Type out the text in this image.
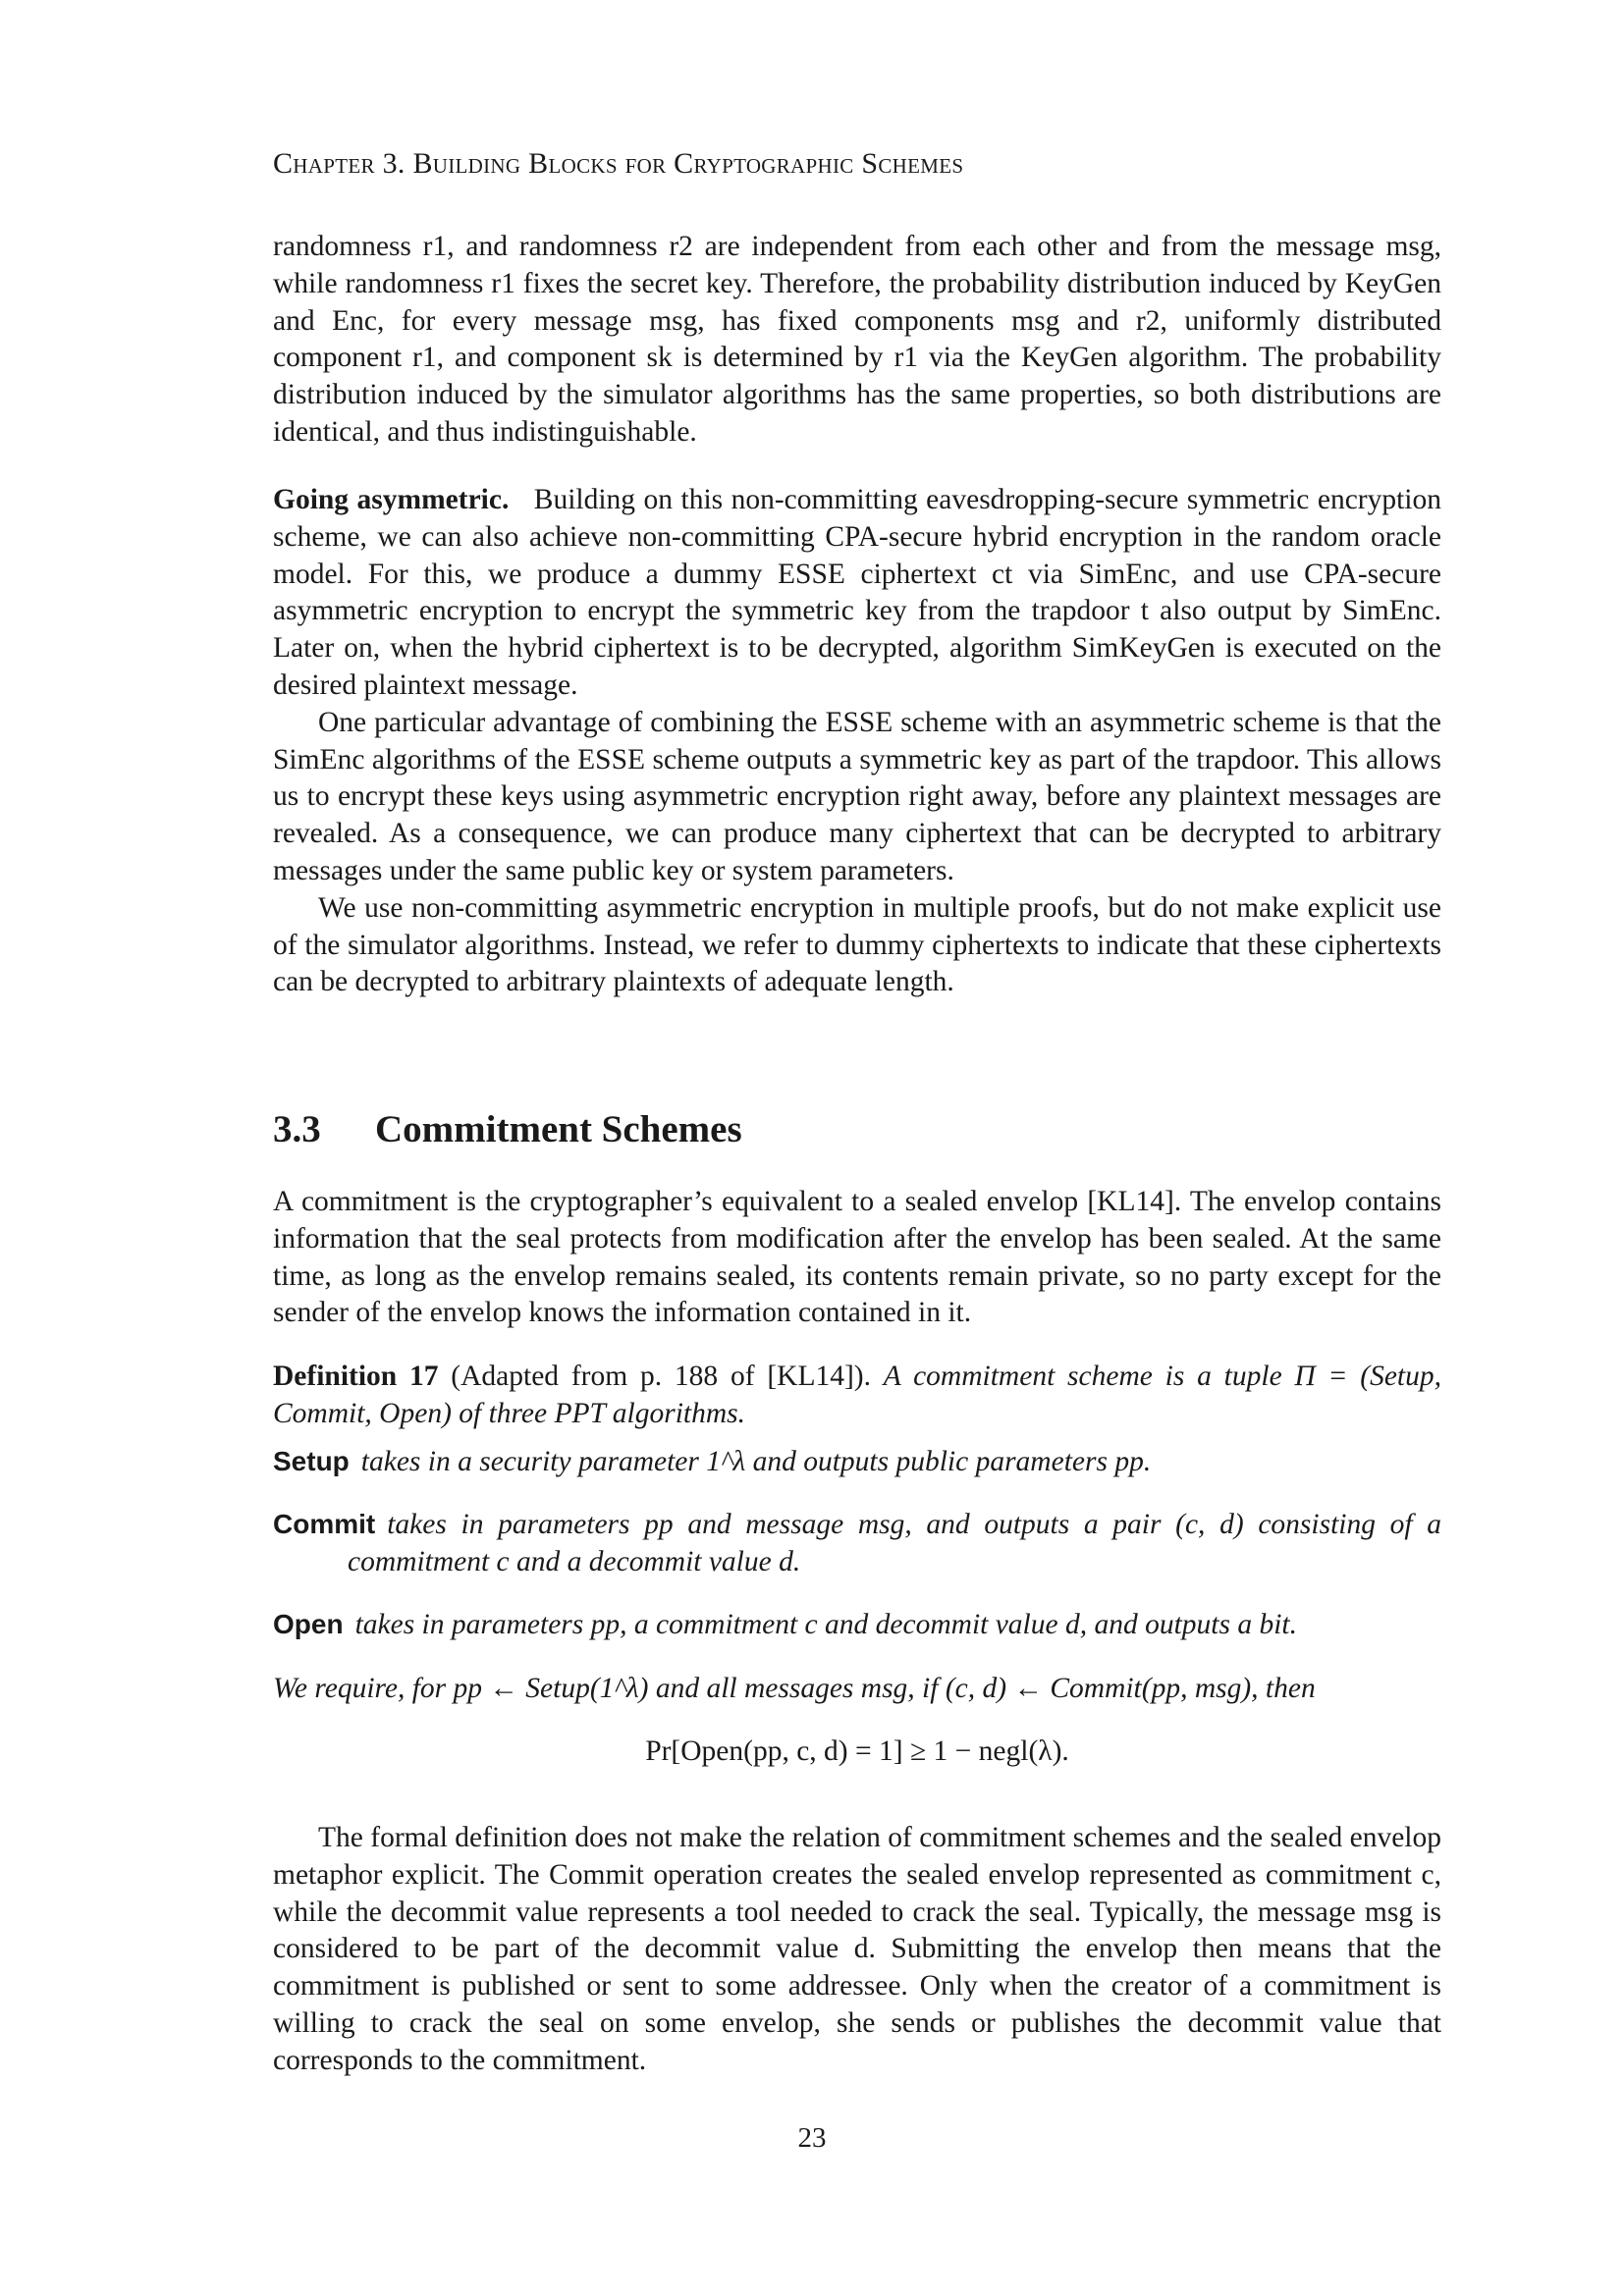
Chapter 3. Building Blocks for Cryptographic Schemes

randomness r1, and randomness r2 are independent from each other and from the message msg, while randomness r1 fixes the secret key. Therefore, the probability distribution induced by KeyGen and Enc, for every message msg, has fixed components msg and r2, uniformly distributed component r1, and component sk is determined by r1 via the KeyGen algorithm. The probability distribution induced by the simulator algorithms has the same properties, so both distributions are identical, and thus indistinguishable.

Going asymmetric. Building on this non-committing eavesdropping-secure symmetric encryption scheme, we can also achieve non-committing CPA-secure hybrid encryption in the random oracle model. For this, we produce a dummy ESSE ciphertext ct via SimEnc, and use CPA-secure asymmetric encryption to encrypt the symmetric key from the trapdoor t also output by SimEnc. Later on, when the hybrid ciphertext is to be decrypted, algorithm SimKeyGen is executed on the desired plaintext message.

One particular advantage of combining the ESSE scheme with an asymmetric scheme is that the SimEnc algorithms of the ESSE scheme outputs a symmetric key as part of the trapdoor. This allows us to encrypt these keys using asymmetric encryption right away, before any plaintext messages are revealed. As a consequence, we can produce many ciphertext that can be decrypted to arbitrary messages under the same public key or system parameters.

We use non-committing asymmetric encryption in multiple proofs, but do not make explicit use of the simulator algorithms. Instead, we refer to dummy ciphertexts to indicate that these ciphertexts can be decrypted to arbitrary plaintexts of adequate length.

3.3 Commitment Schemes

A commitment is the cryptographer’s equivalent to a sealed envelop [KL14]. The envelop contains information that the seal protects from modification after the envelop has been sealed. At the same time, as long as the envelop remains sealed, its contents remain private, so no party except for the sender of the envelop knows the information contained in it.

Definition 17 (Adapted from p. 188 of [KL14]). A commitment scheme is a tuple Π = (Setup, Commit, Open) of three PPT algorithms.

Setup takes in a security parameter 1^λ and outputs public parameters pp.

Commit takes in parameters pp and message msg, and outputs a pair (c, d) consisting of a commitment c and a decommit value d.

Open takes in parameters pp, a commitment c and decommit value d, and outputs a bit.

We require, for pp ← Setup(1^λ) and all messages msg, if (c, d) ← Commit(pp, msg), then

Pr[Open(pp, c, d) = 1] ≥ 1 − negl(λ).

The formal definition does not make the relation of commitment schemes and the sealed envelop metaphor explicit. The Commit operation creates the sealed envelop represented as commitment c, while the decommit value represents a tool needed to crack the seal. Typically, the message msg is considered to be part of the decommit value d. Submitting the envelop then means that the commitment is published or sent to some addressee. Only when the creator of a commitment is willing to crack the seal on some envelop, she sends or publishes the decommit value that corresponds to the commitment.

23
